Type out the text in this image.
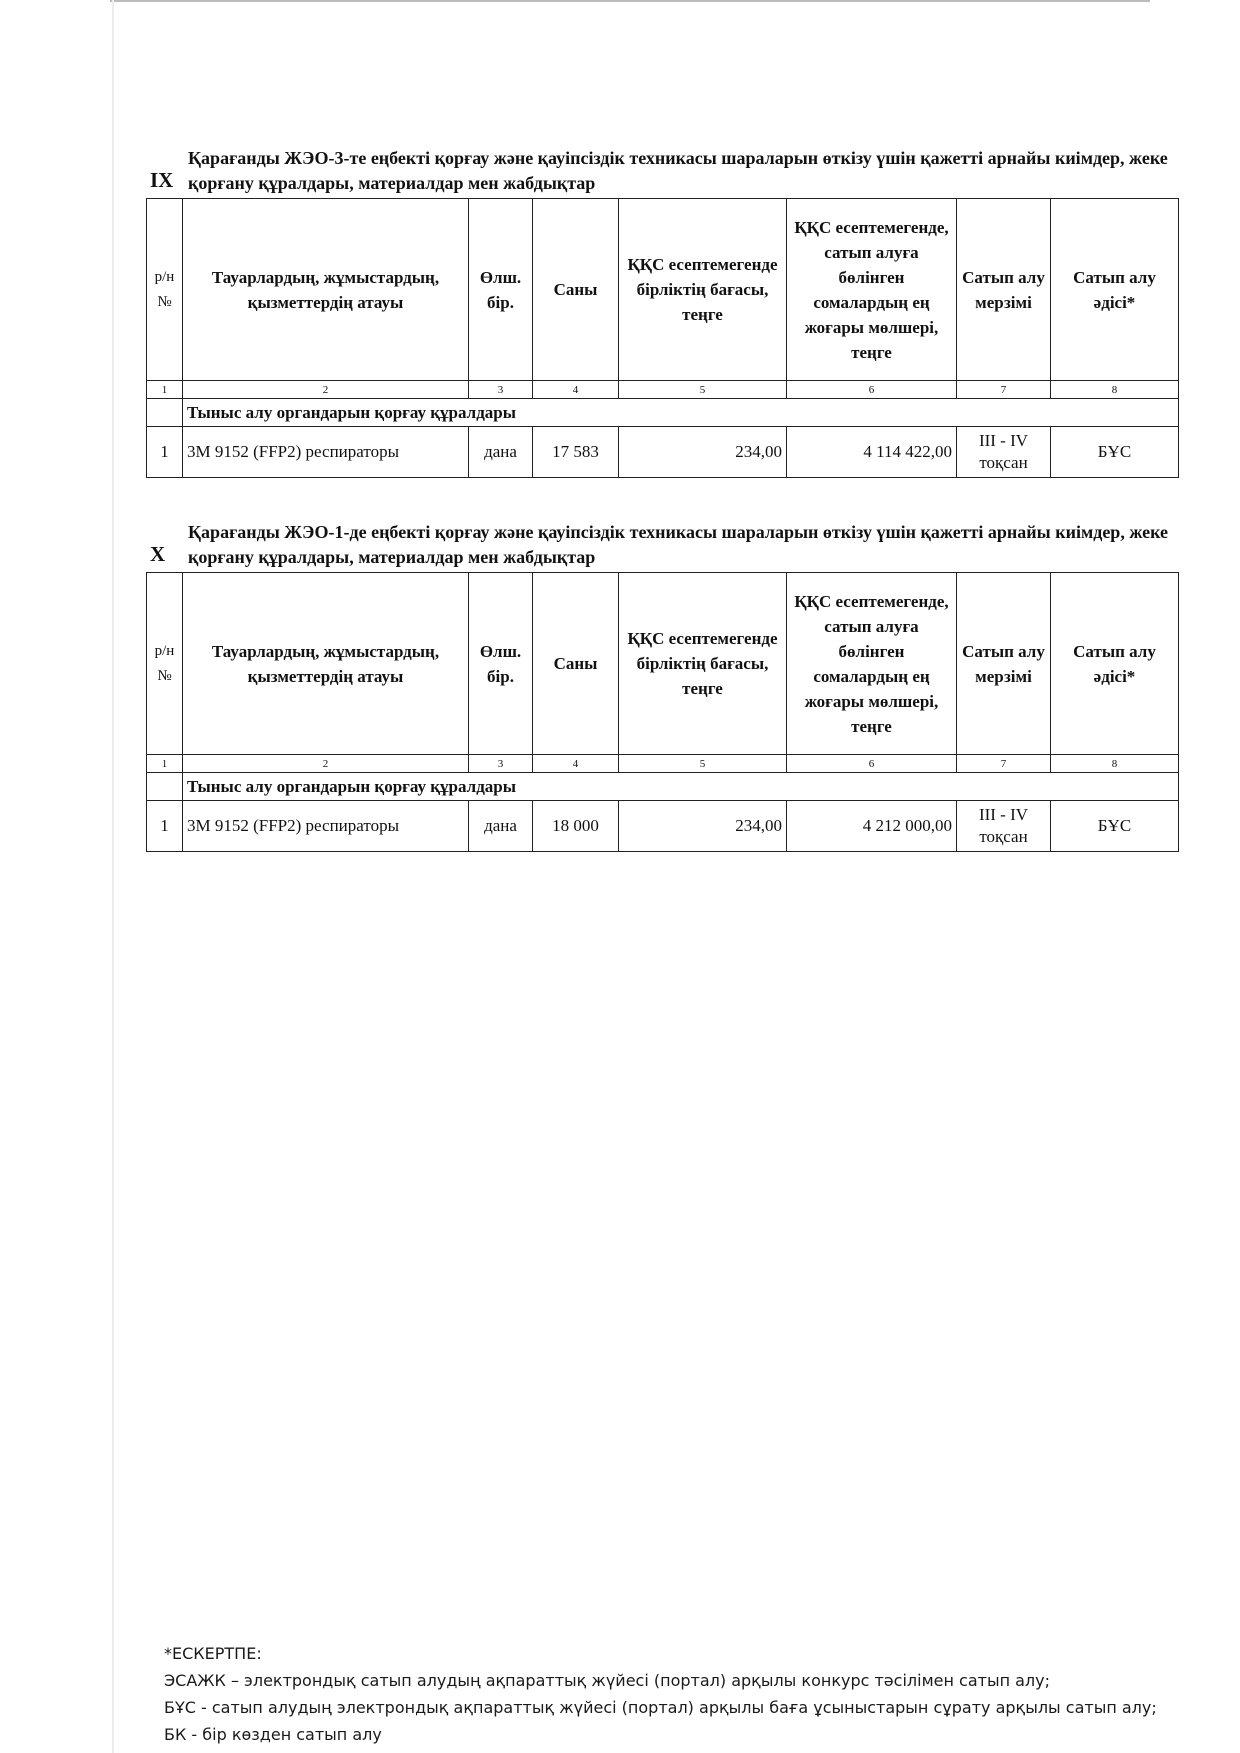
IX
Қарағанды ЖЭО-3-те еңбекті қорғау және қауіпсіздік техникасы шараларын өткізу үшін қажетті арнайы киімдер, жеке қорғану құралдары, материалдар мен жабдықтар
р/н №	Тауарлардың, жұмыстардың, қызметтердің атауы	Өлш. бір.	Саны	ҚҚС есептемегенде бірліктің бағасы, теңге	ҚҚС есептемегенде, сатып алуға бөлінген сомалардың ең жоғары мөлшері, теңге	Сатып алу мерзімі	Сатып алу әдісі*
1	2	3	4	5	6	7	8
	Тыныс алу органдарын қорғау құралдары						
1	3М 9152 (FFP2) респираторы	дана	17 583	234,00	4 114 422,00	III - IV тоқсан	БҰС
X
Қарағанды ЖЭО-1-де еңбекті қорғау және қауіпсіздік техникасы шараларын өткізу үшін қажетті арнайы киімдер, жеке қорғану құралдары, материалдар мен жабдықтар
р/н №	Тауарлардың, жұмыстардың, қызметтердің атауы	Өлш. бір.	Саны	ҚҚС есептемегенде бірліктің бағасы, теңге	ҚҚС есептемегенде, сатып алуға бөлінген сомалардың ең жоғары мөлшері, теңге	Сатып алу мерзімі	Сатып алу әдісі*
1	2	3	4	5	6	7	8
	Тыныс алу органдарын қорғау құралдары						
1	3М 9152 (FFP2) респираторы	дана	18 000	234,00	4 212 000,00	III - IV тоқсан	БҰС
*ЕСКЕРТПЕ:
ЭСАЖК – электрондық сатып алудың ақпараттық жүйесі (портал) арқылы конкурс тәсілімен сатып алу;
БҰС - сатып алудың электрондық ақпараттық жүйесі (портал) арқылы баға ұсыныстарын сұрату арқылы сатып алу;
БК - бір көзден сатып алу
